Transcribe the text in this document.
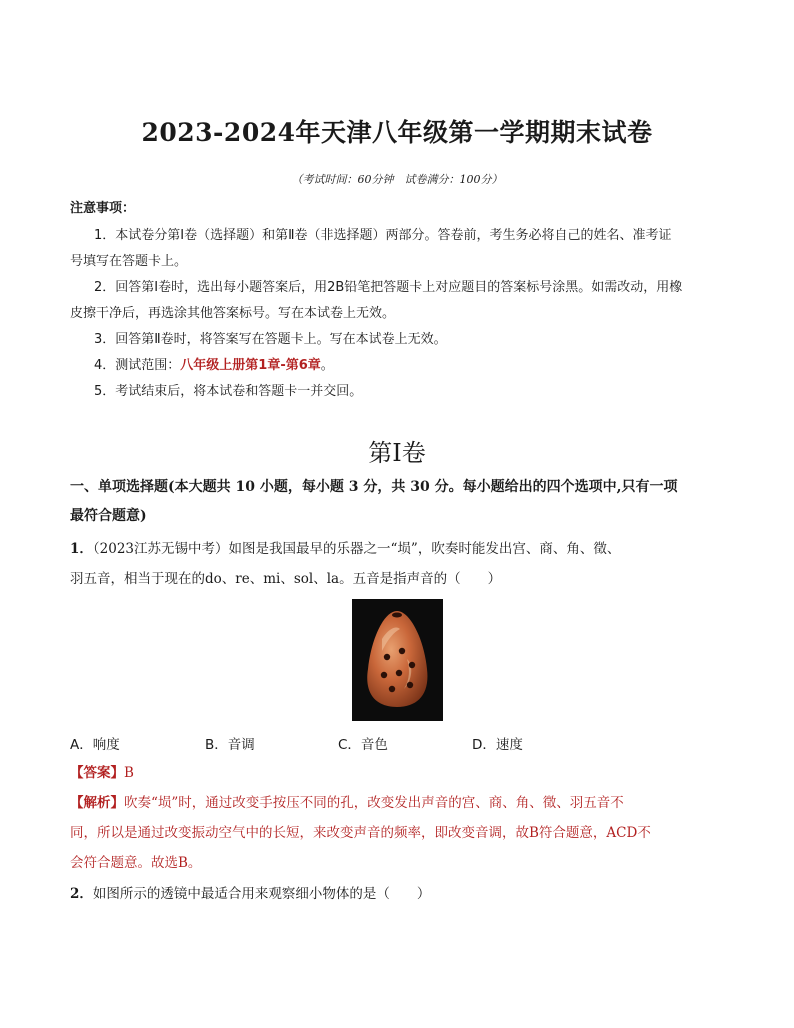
2023-2024年天津八年级第一学期期末试卷
（考试时间：60分钟　试卷满分：100分）
注意事项：
1．本试卷分第Ⅰ卷（选择题）和第Ⅱ卷（非选择题）两部分。答卷前，考生务必将自己的姓名、准考证
号填写在答题卡上。
2．回答第Ⅰ卷时，选出每小题答案后，用2B铅笔把答题卡上对应题目的答案标号涂黑。如需改动，用橡
皮擦干净后，再选涂其他答案标号。写在本试卷上无效。
3．回答第Ⅱ卷时，将答案写在答题卡上。写在本试卷上无效。
4．测试范围：八年级上册第1章-第6章。
5．考试结束后，将本试卷和答题卡一并交回。
第Ⅰ卷
一、单项选择题(本大题共 10 小题，每小题 3 分，共 30 分。每小题给出的四个选项中,只有一项
最符合题意)
1．（2023江苏无锡中考）如图是我国最早的乐器之一“埙”，吹奏时能发出宫、商、角、徵、
羽五音，相当于现在的do、re、mi、sol、la。五音是指声音的（　　）
A．响度	B．音调	C．音色	D．速度
【答案】B
【解析】吹奏“埙”时，通过改变手按压不同的孔，改变发出声音的宫、商、角、徵、羽五音不
同，所以是通过改变振动空气中的长短，来改变声音的频率，即改变音调，故B符合题意，ACD不
会符合题意。故选B。
2．如图所示的透镜中最适合用来观察细小物体的是（　　）
